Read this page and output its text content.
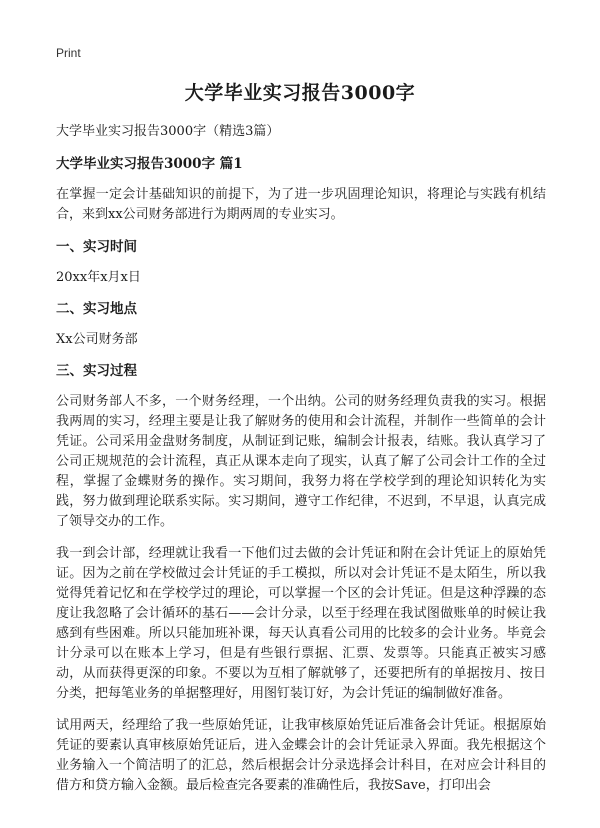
Print
大学毕业实习报告3000字

大学毕业实习报告3000字（精选3篇）

大学毕业实习报告3000字 篇1

在掌握一定会计基础知识的前提下，为了进一步巩固理论知识，将理论与实践有机结合，来到xx公司财务部进行为期两周的专业实习。

一、实习时间

20xx年x月x日

二、实习地点

Xx公司财务部

三、实习过程

公司财务部人不多，一个财务经理，一个出纳。公司的财务经理负责我的实习。根据我两周的实习，经理主要是让我了解财务的使用和会计流程，并制作一些简单的会计凭证。公司采用金盘财务制度，从制证到记账，编制会计报表，结账。我认真学习了公司正规规范的会计流程，真正从课本走向了现实，认真了解了公司会计工作的全过程，掌握了金蝶财务的操作。实习期间，我努力将在学校学到的理论知识转化为实践，努力做到理论联系实际。实习期间，遵守工作纪律，不迟到，不早退，认真完成了领导交办的工作。

我一到会计部，经理就让我看一下他们过去做的会计凭证和附在会计凭证上的原始凭证。因为之前在学校做过会计凭证的手工模拟，所以对会计凭证不是太陌生，所以我觉得凭着记忆和在学校学过的理论，可以掌握一个区的会计凭证。但是这种浮躁的态度让我忽略了会计循环的基石——会计分录，以至于经理在我试图做账单的时候让我感到有些困难。所以只能加班补课，每天认真看公司用的比较多的会计业务。毕竟会计分录可以在账本上学习，但是有些银行票据、汇票、发票等。只能真正被实习感动，从而获得更深的印象。不要以为互相了解就够了，还要把所有的单据按月、按日分类，把每笔业务的单据整理好，用图钉装订好，为会计凭证的编制做好准备。

试用两天，经理给了我一些原始凭证，让我审核原始凭证后准备会计凭证。根据原始凭证的要素认真审核原始凭证后，进入金蝶会计的会计凭证录入界面。我先根据这个业务输入一个简洁明了的汇总，然后根据会计分录选择会计科目，在对应会计科目的借方和贷方输入金额。最后检查完各要素的准确性后，我按Save，打印出会
